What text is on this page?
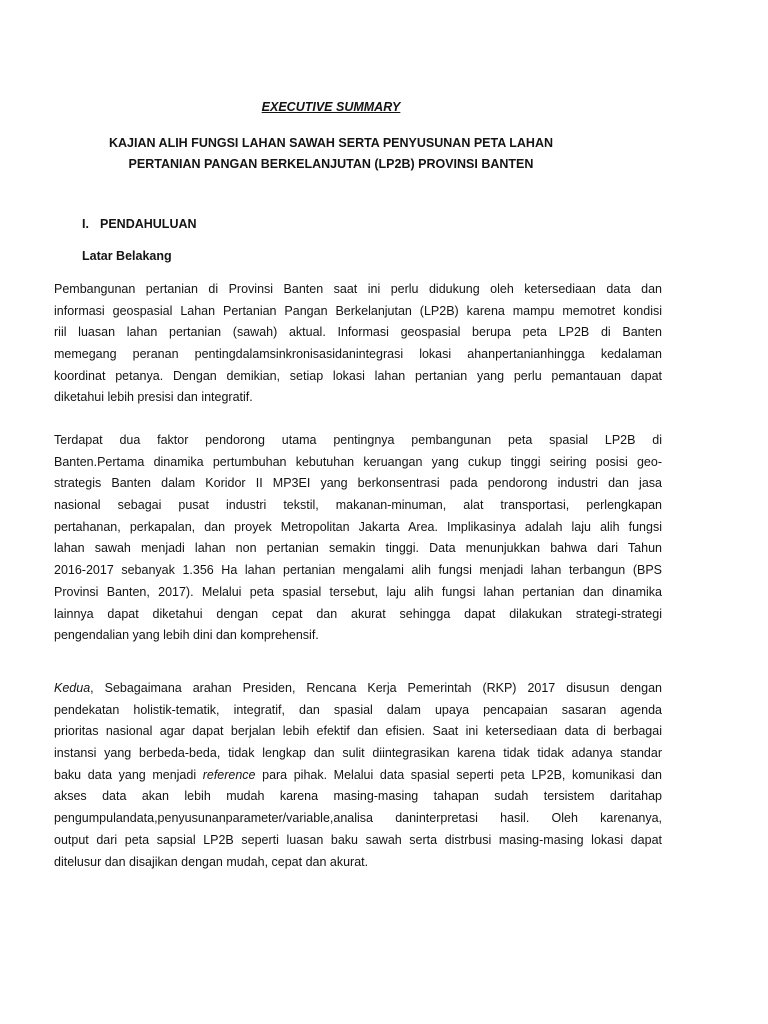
EXECUTIVE SUMMARY
KAJIAN ALIH FUNGSI LAHAN SAWAH SERTA PENYUSUNAN PETA LAHAN
PERTANIAN PANGAN BERKELANJUTAN (LP2B) PROVINSI BANTEN
I. PENDAHULUAN
Latar Belakang
Pembangunan pertanian di Provinsi Banten saat ini perlu didukung oleh ketersediaan data dan
informasi geospasial Lahan Pertanian Pangan Berkelanjutan (LP2B) karena mampu memotret kondisi
riil luasan lahan pertanian (sawah) aktual. Informasi geospasial berupa peta LP2B di Banten
memegang peranan pentingdalamsinkronisasidanintegrasi lokasi ahanpertanianhingga kedalaman
koordinat petanya. Dengan demikian, setiap lokasi lahan pertanian yang perlu pemantauan dapat
diketahui lebih presisi dan integratif.
Terdapat dua faktor pendorong utama pentingnya pembangunan peta spasial LP2B di
Banten.Pertama dinamika pertumbuhan kebutuhan keruangan yang cukup tinggi seiring posisi geo-
strategis Banten dalam Koridor II MP3EI yang berkonsentrasi pada pendorong industri dan jasa
nasional sebagai pusat industri tekstil, makanan-minuman, alat transportasi, perlengkapan
pertahanan, perkapalan, dan proyek Metropolitan Jakarta Area. Implikasinya adalah laju alih fungsi
lahan sawah menjadi lahan non pertanian semakin tinggi. Data menunjukkan bahwa dari Tahun
2016-2017 sebanyak 1.356 Ha lahan pertanian mengalami alih fungsi menjadi lahan terbangun (BPS
Provinsi Banten, 2017). Melalui peta spasial tersebut, laju alih fungsi lahan pertanian dan dinamika
lainnya dapat diketahui dengan cepat dan akurat sehingga dapat dilakukan strategi-strategi
pengendalian yang lebih dini dan komprehensif.
Kedua, Sebagaimana arahan Presiden, Rencana Kerja Pemerintah (RKP) 2017 disusun dengan
pendekatan holistik-tematik, integratif, dan spasial dalam upaya pencapaian sasaran agenda
prioritas nasional agar dapat berjalan lebih efektif dan efisien. Saat ini ketersediaan data di berbagai
instansi yang berbeda-beda, tidak lengkap dan sulit diintegrasikan karena tidak tidak adanya standar
baku data yang menjadi reference para pihak. Melalui data spasial seperti peta LP2B, komunikasi dan
akses data akan lebih mudah karena masing-masing tahapan sudah tersistem daritahap
pengumpulandata,penyusunanparameter/variable,analisa daninterpretasi hasil. Oleh karenanya,
output dari peta sapsial LP2B seperti luasan baku sawah serta distrbusi masing-masing lokasi dapat
ditelusur dan disajikan dengan mudah, cepat dan akurat.
